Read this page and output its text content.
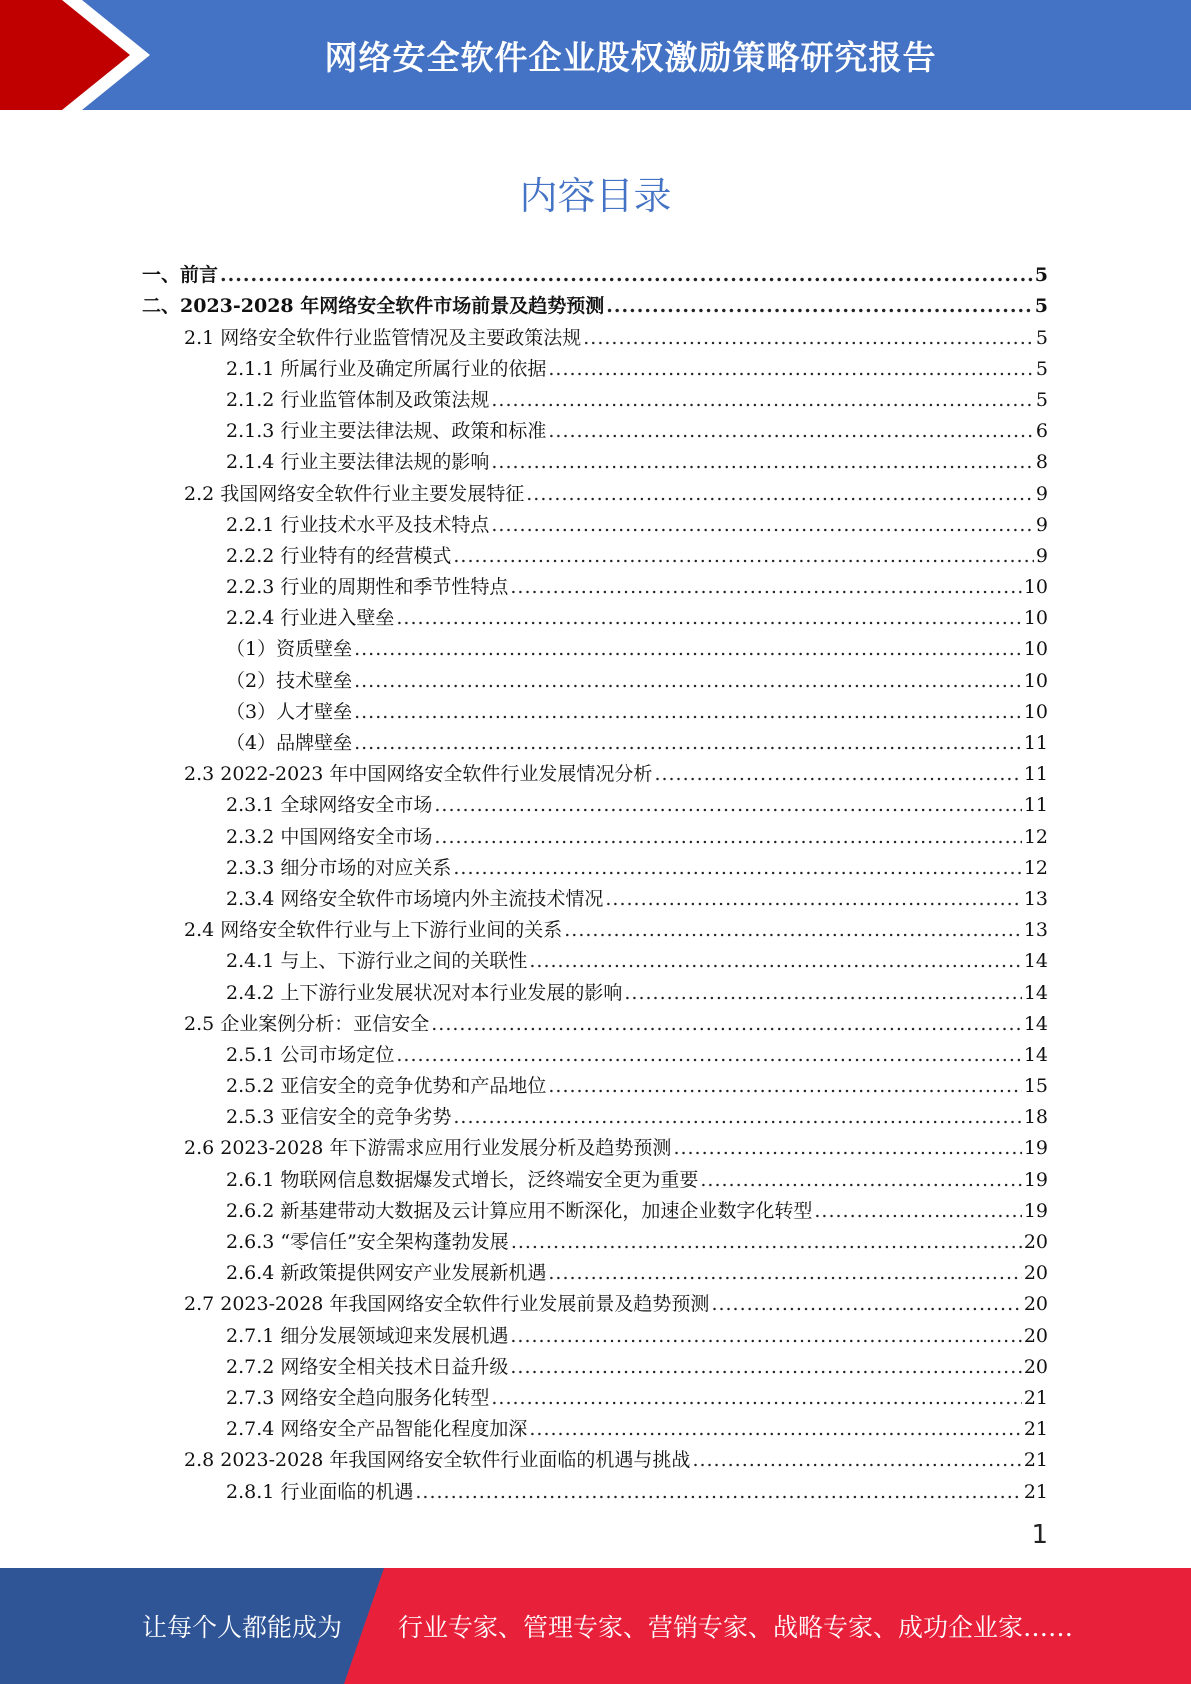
网络安全软件企业股权激励策略研究报告
内容目录
一、前言 .....	5
二、2023-2028 年网络安全软件市场前景及趋势预测 .....	5
2.1 网络安全软件行业监管情况及主要政策法规 .....	5
2.1.1 所属行业及确定所属行业的依据 .....	5
2.1.2 行业监管体制及政策法规 .....	5
2.1.3 行业主要法律法规、政策和标准 .....	6
2.1.4 行业主要法律法规的影响 .....	8
2.2 我国网络安全软件行业主要发展特征 .....	9
2.2.1 行业技术水平及技术特点 .....	9
2.2.2 行业特有的经营模式 .....	9
2.2.3 行业的周期性和季节性特点 .....	10
2.2.4 行业进入壁垒 .....	10
（1）资质壁垒 .....	10
（2）技术壁垒 .....	10
（3）人才壁垒 .....	10
（4）品牌壁垒 .....	11
2.3 2022-2023 年中国网络安全软件行业发展情况分析 .....	11
2.3.1 全球网络安全市场 .....	11
2.3.2 中国网络安全市场 .....	12
2.3.3 细分市场的对应关系 .....	12
2.3.4 网络安全软件市场境内外主流技术情况 .....	13
2.4 网络安全软件行业与上下游行业间的关系 .....	13
2.4.1 与上、下游行业之间的关联性 .....	14
2.4.2 上下游行业发展状况对本行业发展的影响 .....	14
2.5 企业案例分析：亚信安全 .....	14
2.5.1 公司市场定位 .....	14
2.5.2 亚信安全的竞争优势和产品地位 .....	15
2.5.3 亚信安全的竞争劣势 .....	18
2.6 2023-2028 年下游需求应用行业发展分析及趋势预测 .....	19
2.6.1 物联网信息数据爆发式增长，泛终端安全更为重要 .....	19
2.6.2 新基建带动大数据及云计算应用不断深化，加速企业数字化转型 .....	19
2.6.3 “零信任”安全架构蓬勃发展 .....	20
2.6.4 新政策提供网安产业发展新机遇 .....	20
2.7 2023-2028 年我国网络安全软件行业发展前景及趋势预测 .....	20
2.7.1 细分发展领域迎来发展机遇 .....	20
2.7.2 网络安全相关技术日益升级 .....	20
2.7.3 网络安全趋向服务化转型 .....	21
2.7.4 网络安全产品智能化程度加深 .....	21
2.8 2023-2028 年我国网络安全软件行业面临的机遇与挑战 .....	21
2.8.1 行业面临的机遇 .....	21
1
让每个人都能成为 行业专家、管理专家、营销专家、战略专家、成功企业家……
